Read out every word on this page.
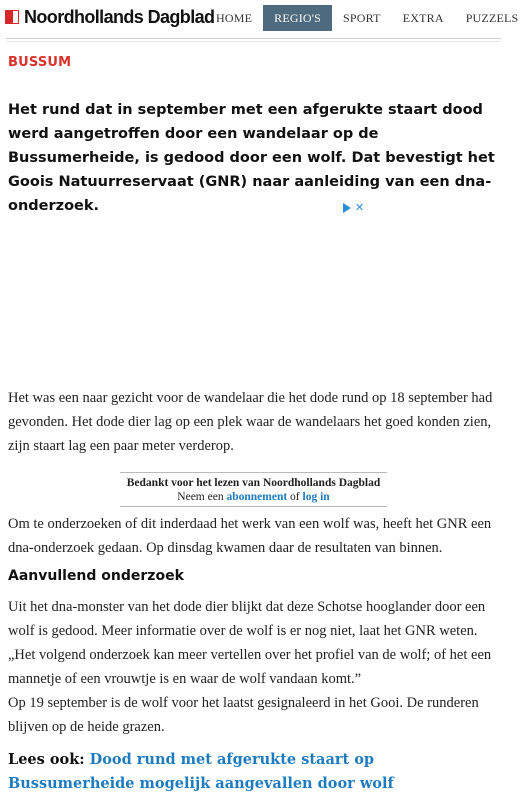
Noordhollands Dagblad HOME	REGIO'S	SPORT	EXTRA	PUZZELS
BUSSUM

Het rund dat in september met een afgerukte staart dood werd aangetroffen door een wandelaar op de Bussumerheide, is gedood door een wolf. Dat bevestigt het Goois Natuurreservaat (GNR) naar aanleiding van een dna-onderzoek.	✕

Het was een naar gezicht voor de wandelaar die het dode rund op 18 september had gevonden. Het dode dier lag op een plek waar de wandelaars het goed konden zien, zijn staart lag een paar meter verderop.

Bedankt voor het lezen van Noordhollands Dagblad
Neem een abonnement of log in

Om te onderzoeken of dit inderdaad het werk van een wolf was, heeft het GNR een dna-onderzoek gedaan. Op dinsdag kwamen daar de resultaten van binnen.

Aanvullend onderzoek

Uit het dna-monster van het dode dier blijkt dat deze Schotse hooglander door een wolf is gedood. Meer informatie over de wolf is er nog niet, laat het GNR weten. „Het volgend onderzoek kan meer vertellen over het profiel van de wolf; of het een mannetje of een vrouwtje is en waar de wolf vandaan komt.”

Op 19 september is de wolf voor het laatst gesignaleerd in het Gooi. De runderen blijven op de heide grazen.

Lees ook: Dood rund met afgerukte staart op Bussumerheide mogelijk aangevallen door wolf
